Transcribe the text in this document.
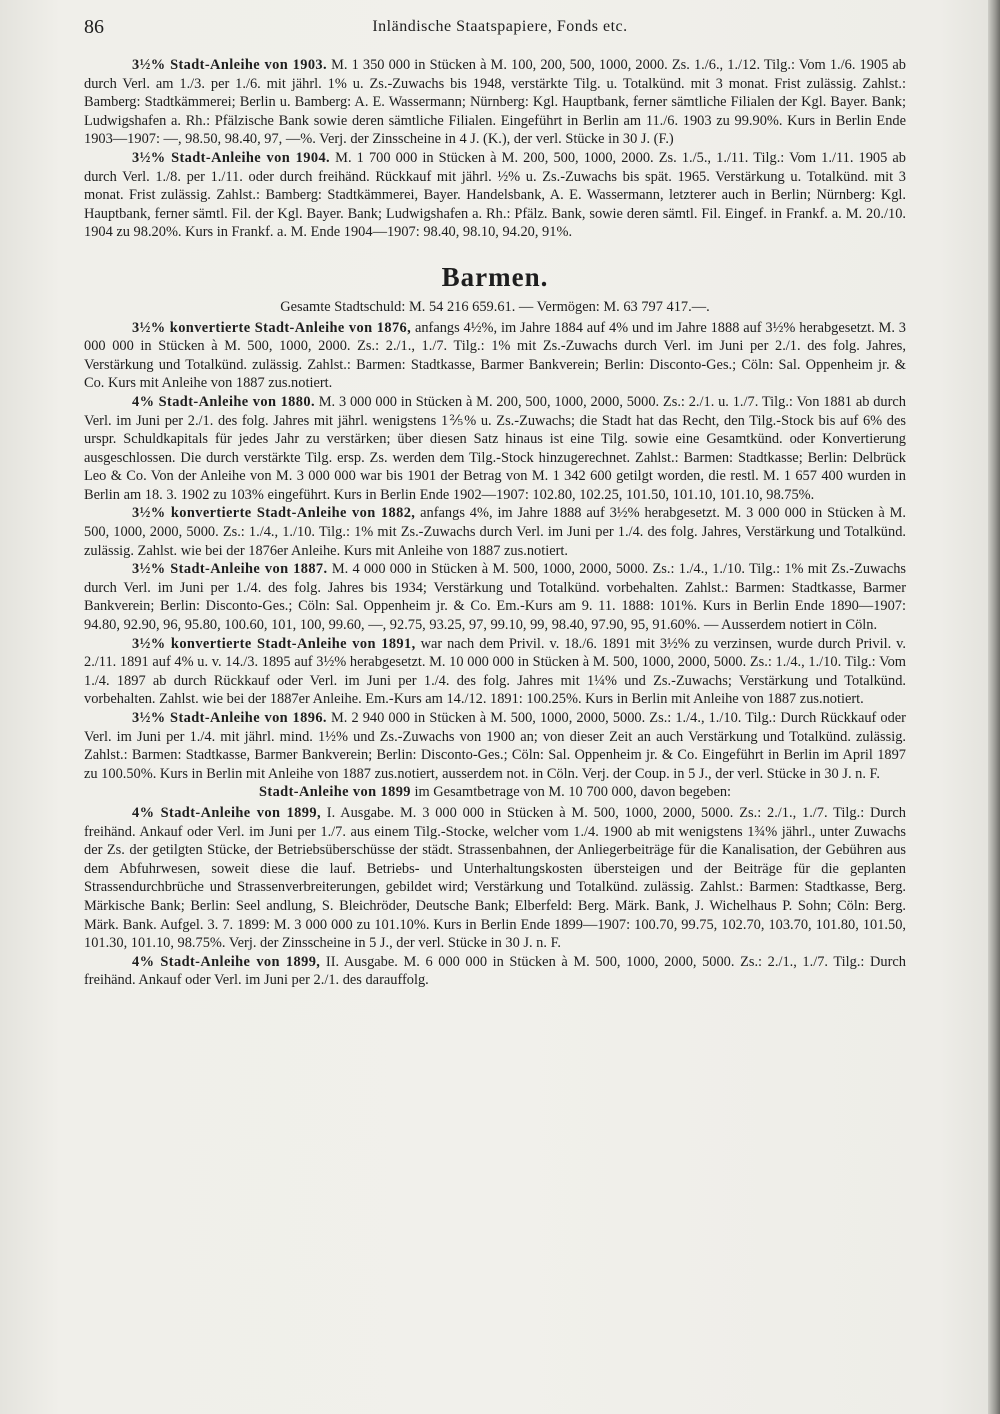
86	Inländische Staatspapiere, Fonds etc.

3½% Stadt-Anleihe von 1903. M. 1 350 000 in Stücken à M. 100, 200, 500, 1000, 2000. Zs. 1./6., 1./12. Tilg.: Vom 1./6. 1905 ab durch Verl. am 1./3. per 1./6. mit jährl. 1% u. Zs.-Zuwachs bis 1948, verstärkte Tilg. u. Totalkünd. mit 3 monat. Frist zulässig. Zahlst.: Bamberg: Stadtkämmerei; Berlin u. Bamberg: A. E. Wassermann; Nürnberg: Kgl. Hauptbank, ferner sämtliche Filialen der Kgl. Bayer. Bank; Ludwigshafen a. Rh.: Pfälzische Bank sowie deren sämtliche Filialen. Eingeführt in Berlin am 11./6. 1903 zu 99.90%. Kurs in Berlin Ende 1903—1907: —, 98.50, 98.40, 97, —%. Verj. der Zinsscheine in 4 J. (K.), der verl. Stücke in 30 J. (F.)

3½% Stadt-Anleihe von 1904. M. 1 700 000 in Stücken à M. 200, 500, 1000, 2000. Zs. 1./5., 1./11. Tilg.: Vom 1./11. 1905 ab durch Verl. 1./8. per 1./11. oder durch freihänd. Rückkauf mit jährl. ½% u. Zs.-Zuwachs bis spät. 1965. Verstärkung u. Totalkünd. mit 3 monat. Frist zulässig. Zahlst.: Bamberg: Stadtkämmerei, Bayer. Handelsbank, A. E. Wassermann, letzterer auch in Berlin; Nürnberg: Kgl. Hauptbank, ferner sämtl. Fil. der Kgl. Bayer. Bank; Ludwigshafen a. Rh.: Pfälz. Bank, sowie deren sämtl. Fil. Eingef. in Frankf. a. M. 20./10. 1904 zu 98.20%. Kurs in Frankf. a. M. Ende 1904—1907: 98.40, 98.10, 94.20, 91%.

Barmen.
Gesamte Stadtschuld: M. 54 216 659.61. — Vermögen: M. 63 797 417.—.

3½% konvertierte Stadt-Anleihe von 1876, anfangs 4½%, im Jahre 1884 auf 4% und im Jahre 1888 auf 3½% herabgesetzt. M. 3 000 000 in Stücken à M. 500, 1000, 2000. Zs.: 2./1., 1./7. Tilg.: 1% mit Zs.-Zuwachs durch Verl. im Juni per 2./1. des folg. Jahres, Verstärkung und Totalkünd. zulässig. Zahlst.: Barmen: Stadtkasse, Barmer Bankverein; Berlin: Disconto-Ges.; Cöln: Sal. Oppenheim jr. & Co. Kurs mit Anleihe von 1887 zus.notiert.

4% Stadt-Anleihe von 1880. M. 3 000 000 in Stücken à M. 200, 500, 1000, 2000, 5000. Zs.: 2./1. u. 1./7. Tilg.: Von 1881 ab durch Verl. im Juni per 2./1. des folg. Jahres mit jährl. wenigstens 1⅖% u. Zs.-Zuwachs; die Stadt hat das Recht, den Tilg.-Stock bis auf 6% des urspr. Schuldkapitals für jedes Jahr zu verstärken; über diesen Satz hinaus ist eine Tilg. sowie eine Gesamtkünd. oder Konvertierung ausgeschlossen. Die durch verstärkte Tilg. ersp. Zs. werden dem Tilg.-Stock hinzugerechnet. Zahlst.: Barmen: Stadtkasse; Berlin: Delbrück Leo & Co. Von der Anleihe von M. 3 000 000 war bis 1901 der Betrag von M. 1 342 600 getilgt worden, die restl. M. 1 657 400 wurden in Berlin am 18. 3. 1902 zu 103% eingeführt. Kurs in Berlin Ende 1902—1907: 102.80, 102.25, 101.50, 101.10, 101.10, 98.75%.

3½% konvertierte Stadt-Anleihe von 1882, anfangs 4%, im Jahre 1888 auf 3½% herabgesetzt. M. 3 000 000 in Stücken à M. 500, 1000, 2000, 5000. Zs.: 1./4., 1./10. Tilg.: 1% mit Zs.-Zuwachs durch Verl. im Juni per 1./4. des folg. Jahres, Verstärkung und Totalkünd. zulässig. Zahlst. wie bei der 1876er Anleihe. Kurs mit Anleihe von 1887 zus.notiert.

3½% Stadt-Anleihe von 1887. M. 4 000 000 in Stücken à M. 500, 1000, 2000, 5000. Zs.: 1./4., 1./10. Tilg.: 1% mit Zs.-Zuwachs durch Verl. im Juni per 1./4. des folg. Jahres bis 1934; Verstärkung und Totalkünd. vorbehalten. Zahlst.: Barmen: Stadtkasse, Barmer Bankverein; Berlin: Disconto-Ges.; Cöln: Sal. Oppenheim jr. & Co. Em.-Kurs am 9. 11. 1888: 101%. Kurs in Berlin Ende 1890—1907: 94.80, 92.90, 96, 95.80, 100.60, 101, 100, 99.60, —, 92.75, 93.25, 97, 99.10, 99, 98.40, 97.90, 95, 91.60%. — Ausserdem notiert in Cöln.

3½% konvertierte Stadt-Anleihe von 1891, war nach dem Privil. v. 18./6. 1891 mit 3½% zu verzinsen, wurde durch Privil. v. 2./11. 1891 auf 4% u. v. 14./3. 1895 auf 3½% herabgesetzt. M. 10 000 000 in Stücken à M. 500, 1000, 2000, 5000. Zs.: 1./4., 1./10. Tilg.: Vom 1./4. 1897 ab durch Rückkauf oder Verl. im Juni per 1./4. des folg. Jahres mit 1¼% und Zs.-Zuwachs; Verstärkung und Totalkünd. vorbehalten. Zahlst. wie bei der 1887er Anleihe. Em.-Kurs am 14./12. 1891: 100.25%. Kurs in Berlin mit Anleihe von 1887 zus.notiert.

3½% Stadt-Anleihe von 1896. M. 2 940 000 in Stücken à M. 500, 1000, 2000, 5000. Zs.: 1./4., 1./10. Tilg.: Durch Rückkauf oder Verl. im Juni per 1./4. mit jährl. mind. 1½% und Zs.-Zuwachs von 1900 an; von dieser Zeit an auch Verstärkung und Totalkünd. zulässig. Zahlst.: Barmen: Stadtkasse, Barmer Bankverein; Berlin: Disconto-Ges.; Cöln: Sal. Oppenheim jr. & Co. Eingeführt in Berlin im April 1897 zu 100.50%. Kurs in Berlin mit Anleihe von 1887 zus.notiert, ausserdem not. in Cöln. Verj. der Coup. in 5 J., der verl. Stücke in 30 J. n. F.

Stadt-Anleihe von 1899 im Gesamtbetrage von M. 10 700 000, davon begeben:

4% Stadt-Anleihe von 1899, I. Ausgabe. M. 3 000 000 in Stücken à M. 500, 1000, 2000, 5000. Zs.: 2./1., 1./7. Tilg.: Durch freihänd. Ankauf oder Verl. im Juni per 1./7. aus einem Tilg.-Stocke, welcher vom 1./4. 1900 ab mit wenigstens 1¾% jährl., unter Zuwachs der Zs. der getilgten Stücke, der Betriebsüberschüsse der städt. Strassenbahnen, der Anliegerbeiträge für die Kanalisation, der Gebühren aus dem Abfuhrwesen, soweit diese die lauf. Betriebs- und Unterhaltungskosten übersteigen und der Beiträge für die geplanten Strassendurchbrüche und Strassenverbreiterungen, gebildet wird; Verstärkung und Totalkünd. zulässig. Zahlst.: Barmen: Stadtkasse, Berg. Märkische Bank; Berlin: Seel andlung, S. Bleichröder, Deutsche Bank; Elberfeld: Berg. Märk. Bank, J. Wichelhaus P. Sohn; Cöln: Berg. Märk. Bank. Aufgel. 3. 7. 1899: M. 3 000 000 zu 101.10%. Kurs in Berlin Ende 1899—1907: 100.70, 99.75, 102.70, 103.70, 101.80, 101.50, 101.30, 101.10, 98.75%. Verj. der Zinsscheine in 5 J., der verl. Stücke in 30 J. n. F.

4% Stadt-Anleihe von 1899, II. Ausgabe. M. 6 000 000 in Stücken à M. 500, 1000, 2000, 5000. Zs.: 2./1., 1./7. Tilg.: Durch freihänd. Ankauf oder Verl. im Juni per 2./1. des darauffolg.
